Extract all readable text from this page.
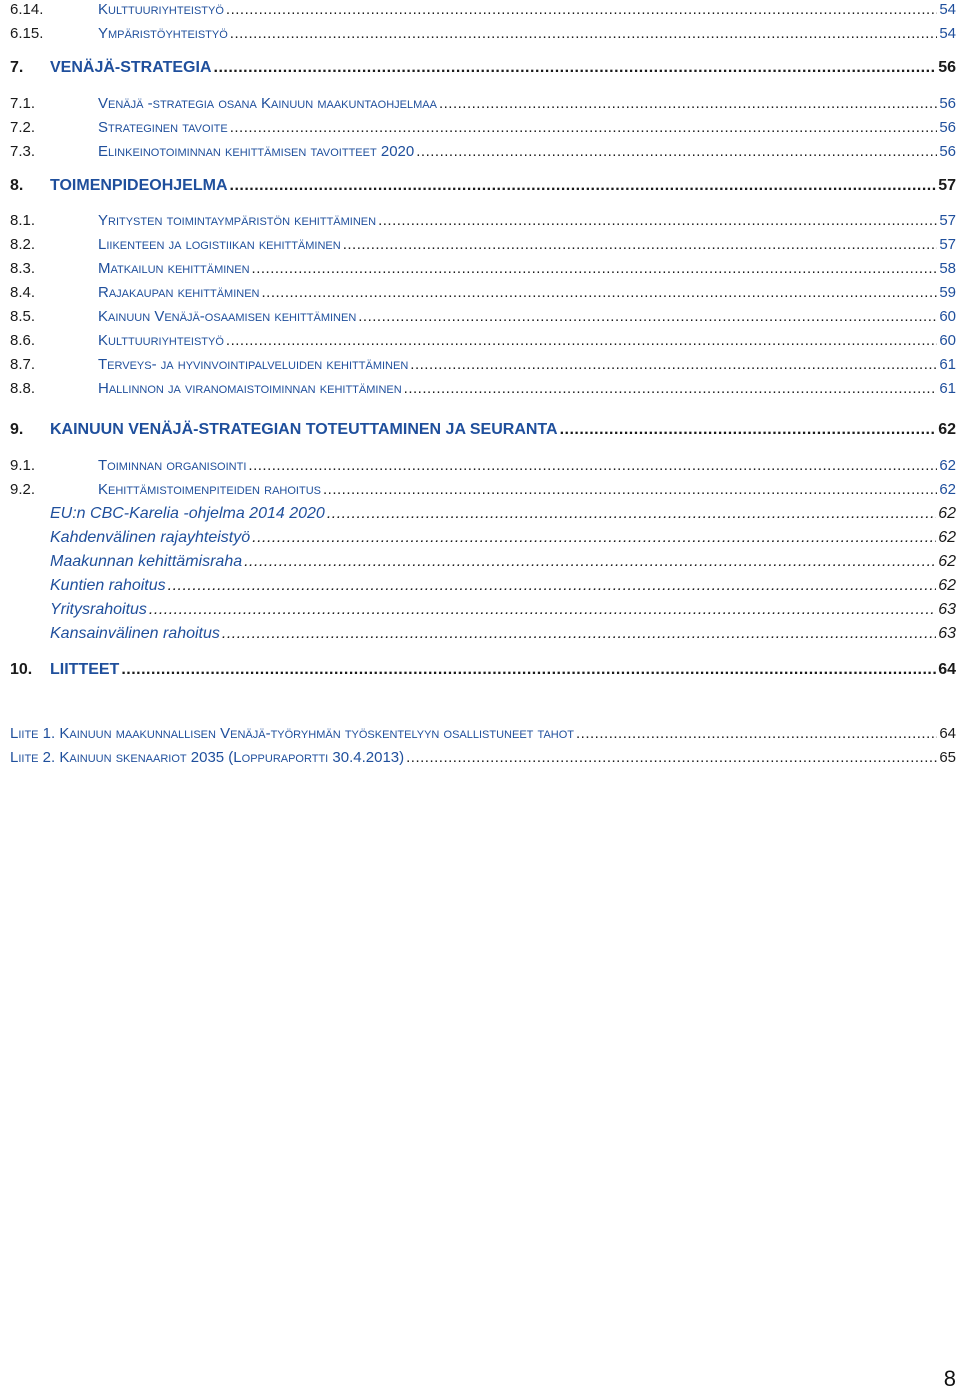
6.14.	Kulttuuriyhteistyö .....	54
6.15.	Ympäristöyhteistyö .....	54
7.	VENÄJÄ-STRATEGIA .....	56
7.1.	Venäjä -strategia osana Kainuun maakuntaohjelmaa .....	56
7.2.	Strateginen tavoite .....	56
7.3.	Elinkeinotoiminnan kehittämisen tavoitteet 2020 .....	56
8.	TOIMENPIDEOHJELMA .....	57
8.1.	Yritysten toimintaympäristön kehittäminen .....	57
8.2.	Liikenteen ja logistiikan kehittäminen .....	57
8.3.	Matkailun kehittäminen .....	58
8.4.	Rajakaupan kehittäminen .....	59
8.5.	Kainuun Venäjä-osaamisen kehittäminen .....	60
8.6.	Kulttuuriyhteistyö .....	60
8.7.	Terveys- ja hyvinvointipalveluiden kehittäminen .....	61
8.8.	Hallinnon ja viranomaistoiminnan kehittäminen .....	61
9.	KAINUUN VENÄJÄ-STRATEGIAN TOTEUTTAMINEN JA SEURANTA .....	62
9.1.	Toiminnan organisointi .....	62
9.2.	Kehittämistoimenpiteiden rahoitus .....	62
EU:n CBC-Karelia -ohjelma 2014 2020 .....	62
Kahdenvälinen rajayhteistyö .....	62
Maakunnan kehittämisraha .....	62
Kuntien rahoitus .....	62
Yritysrahoitus .....	63
Kansainvälinen rahoitus .....	63
10.	LIITTEET .....	64
Liite 1. Kainuun maakunnallisen Venäjä-työryhmän työskentelyyn osallistuneet tahot .....	64
Liite 2. Kainuun skenaariot 2035 (Loppuraportti 30.4.2013) .....	65
8
